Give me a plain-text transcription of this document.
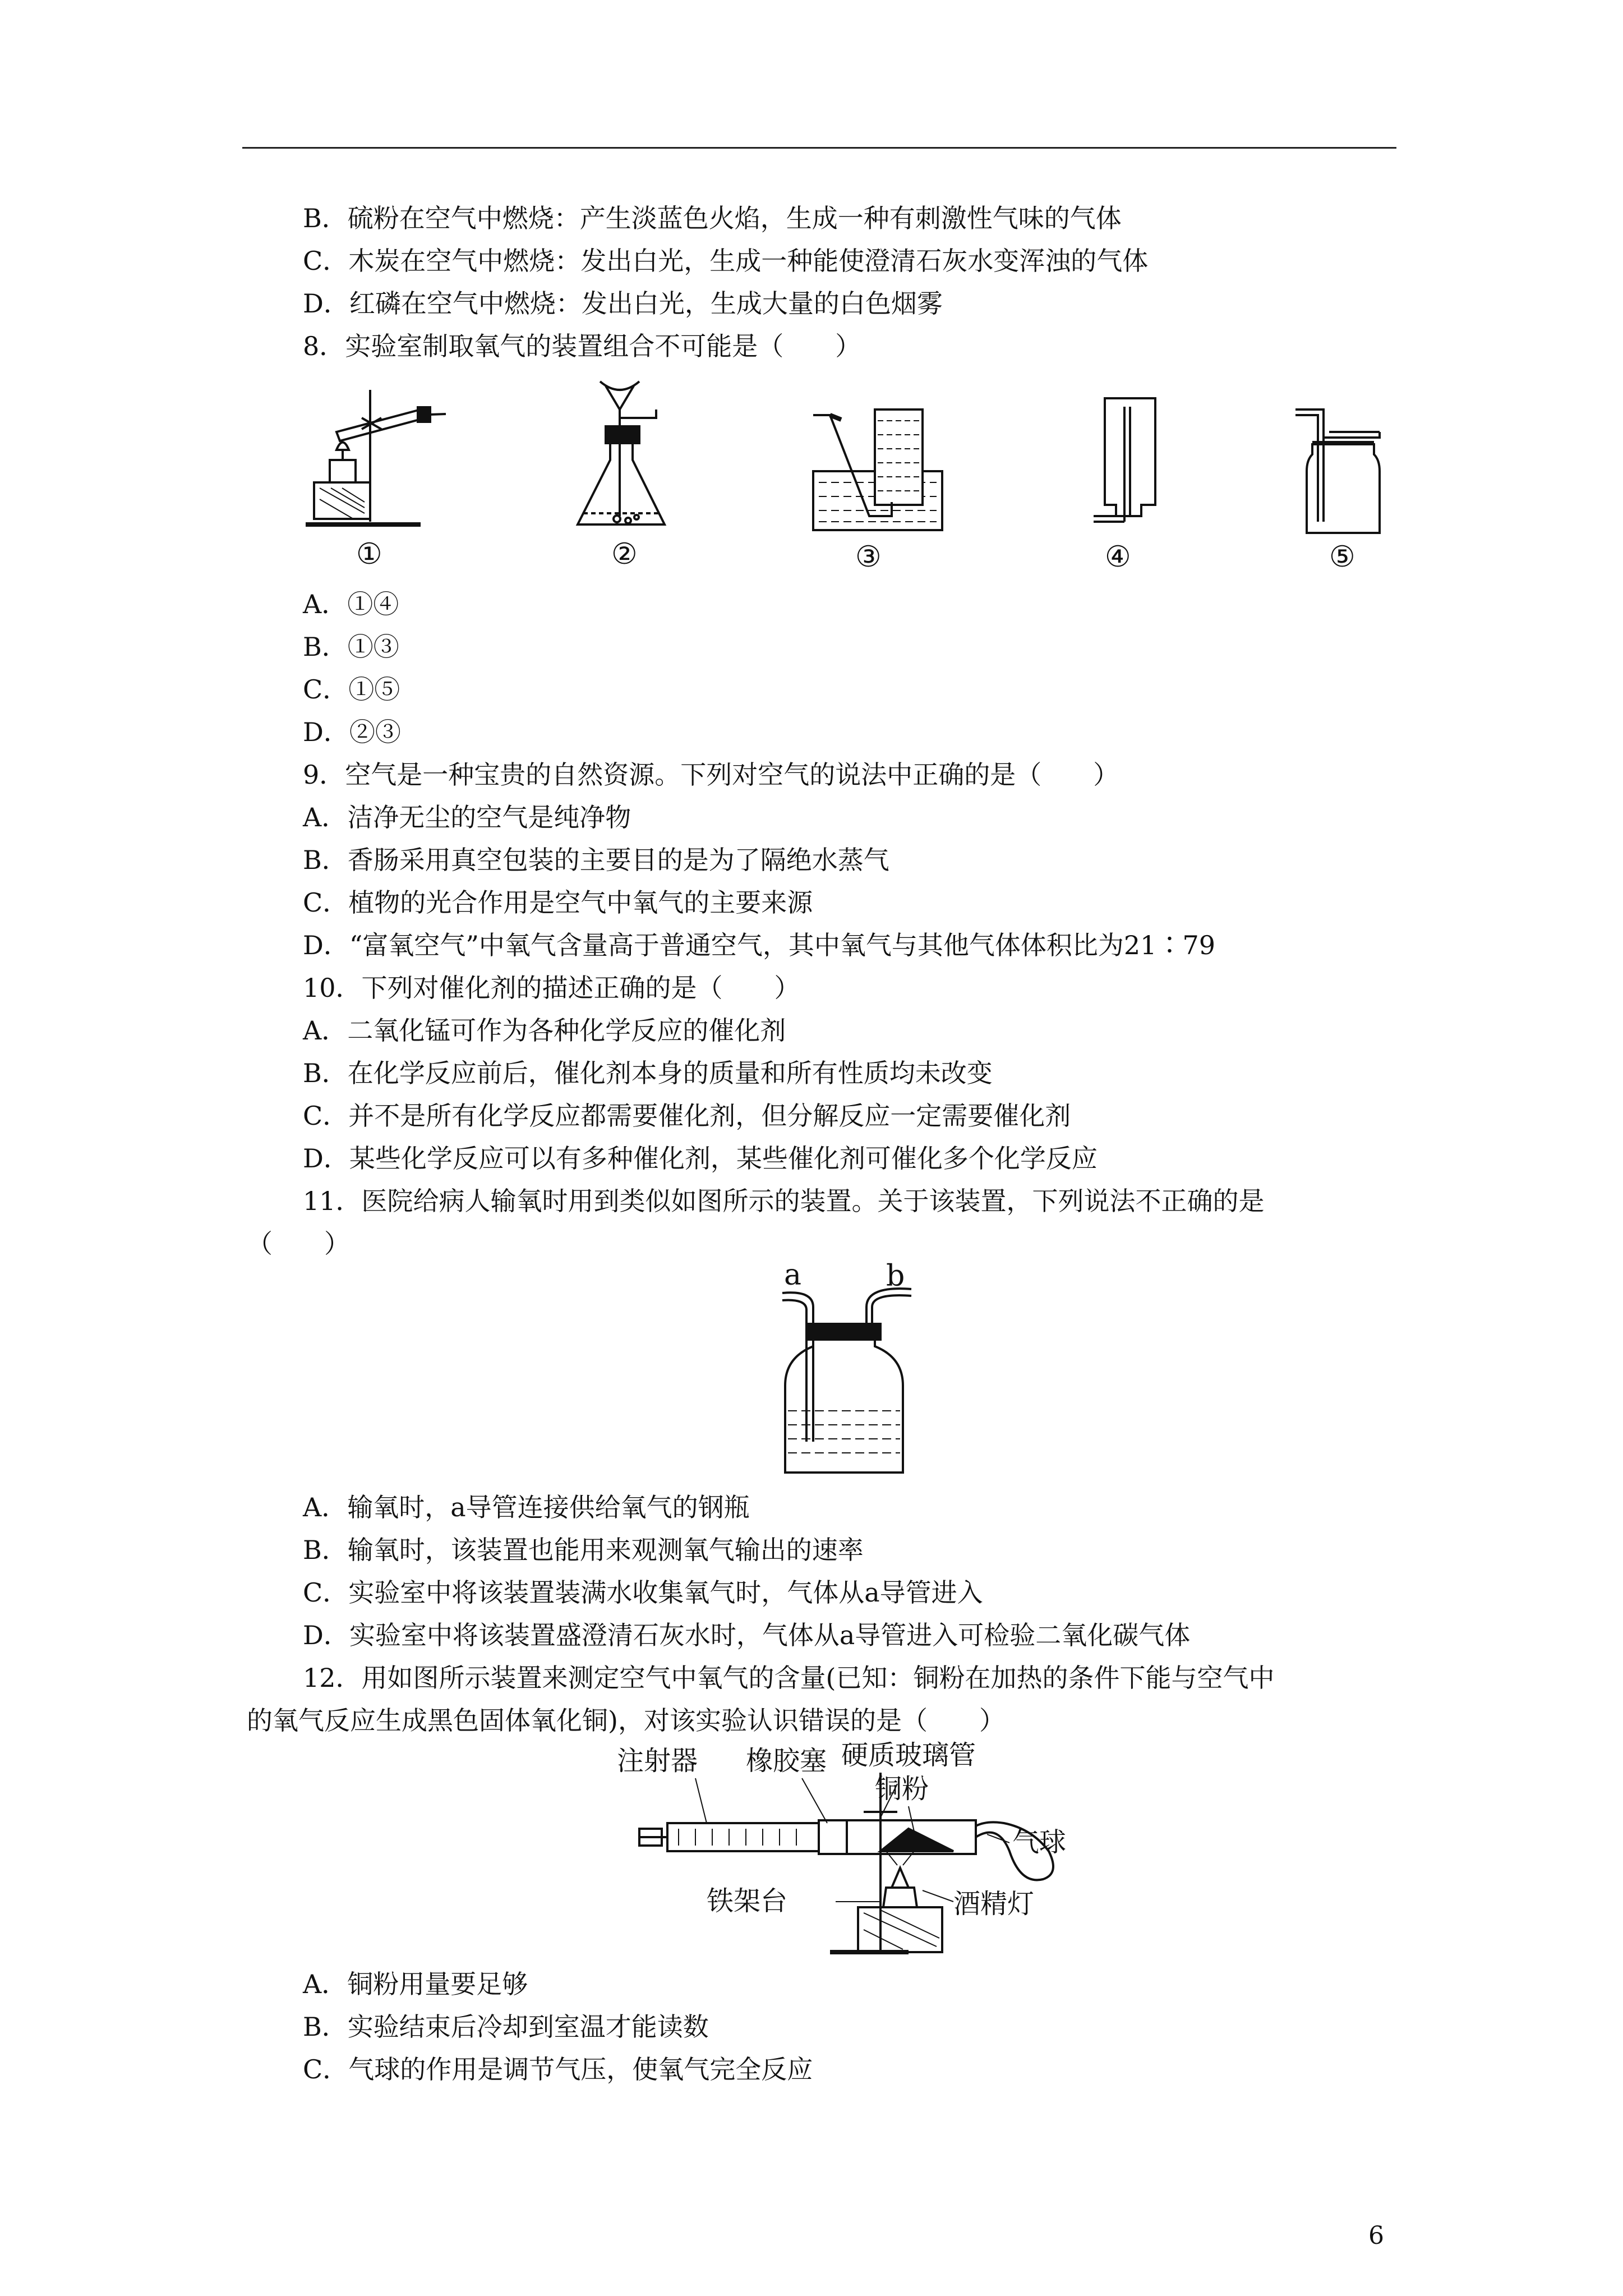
B．硫粉在空气中燃烧：产生淡蓝色火焰，生成一种有刺激性气味的气体
C．木炭在空气中燃烧：发出白光，生成一种能使澄清石灰水变浑浊的气体
D．红磷在空气中燃烧：发出白光，生成大量的白色烟雾
8．实验室制取氧气的装置组合不可能是（　　）
①	②	③	④	⑤
A．①④
B．①③
C．①⑤
D．②③
9．空气是一种宝贵的自然资源。下列对空气的说法中正确的是（　　）
A．洁净无尘的空气是纯净物
B．香肠采用真空包装的主要目的是为了隔绝水蒸气
C．植物的光合作用是空气中氧气的主要来源
D．“富氧空气”中氧气含量高于普通空气，其中氧气与其他气体体积比为21∶79
10．下列对催化剂的描述正确的是（　　）
A．二氧化锰可作为各种化学反应的催化剂
B．在化学反应前后，催化剂本身的质量和所有性质均未改变
C．并不是所有化学反应都需要催化剂，但分解反应一定需要催化剂
D．某些化学反应可以有多种催化剂，某些催化剂可催化多个化学反应
11．医院给病人输氧时用到类似如图所示的装置。关于该装置，下列说法不正确的是
（　　）
a	b
A．输氧时，a导管连接供给氧气的钢瓶
B．输氧时，该装置也能用来观测氧气输出的速率
C．实验室中将该装置装满水收集氧气时，气体从a导管进入
D．实验室中将该装置盛澄清石灰水时，气体从a导管进入可检验二氧化碳气体
12．用如图所示装置来测定空气中氧气的含量(已知：铜粉在加热的条件下能与空气中
的氧气反应生成黑色固体氧化铜)，对该实验认识错误的是（　　）
注射器 橡胶塞 硬质玻璃管
铜粉
气球
铁架台	酒精灯
A．铜粉用量要足够
B．实验结束后冷却到室温才能读数
C．气球的作用是调节气压，使氧气完全反应
6
